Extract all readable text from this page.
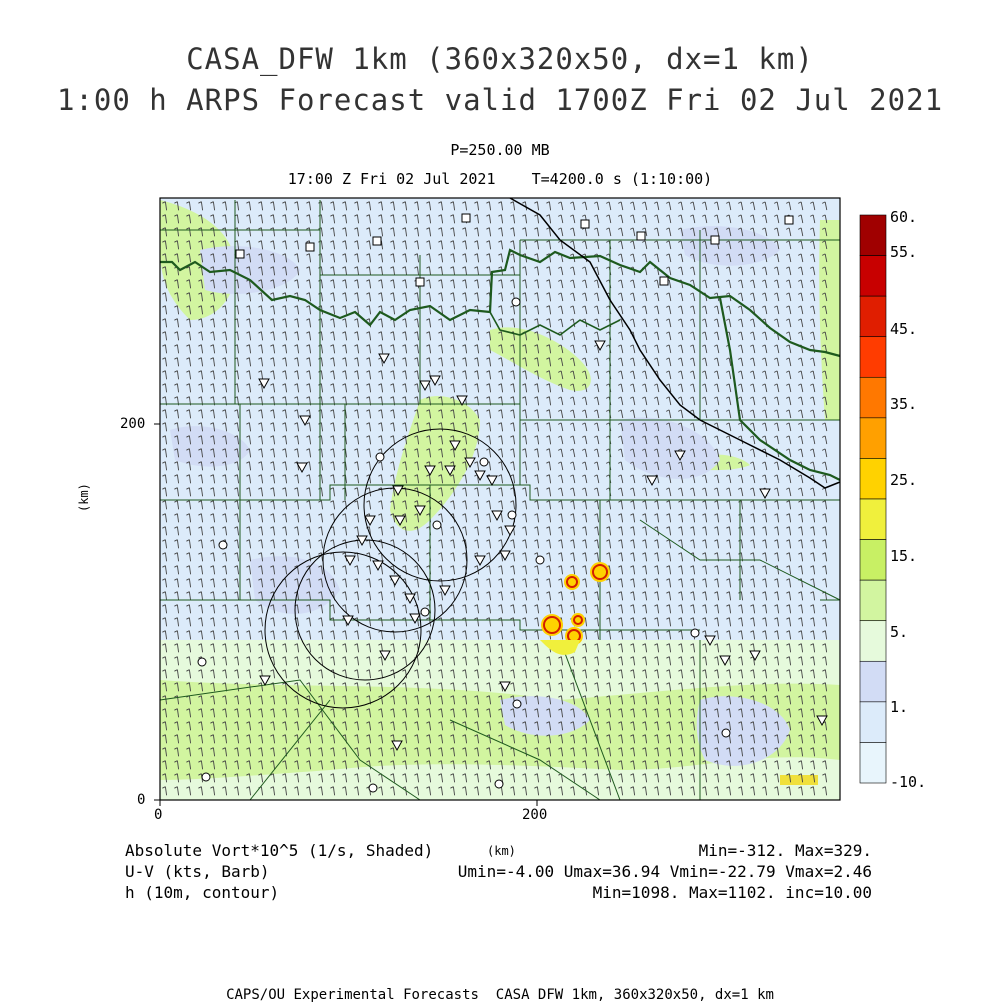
CASA_DFW 1km (360x320x50, dx=1 km)
1:00 h ARPS Forecast valid 1700Z Fri 02 Jul 2021
P=250.00 MB
17:00 Z Fri 02 Jul 2021    T=4200.0 s (1:10:00)
0	200
0
200
(km)
(km)
60.
55.
45.
35.
25.
15.
5.
1.
-10.
Absolute Vort*10^5 (1/s, Shaded)
U-V (kts, Barb)
h (10m, contour)
Min=-312. Max=329.
Umin=-4.00 Umax=36.94 Vmin=-22.79 Vmax=2.46
Min=1098. Max=1102. inc=10.00
CAPS/OU Experimental Forecasts  CASA DFW 1km, 360x320x50, dx=1 km
